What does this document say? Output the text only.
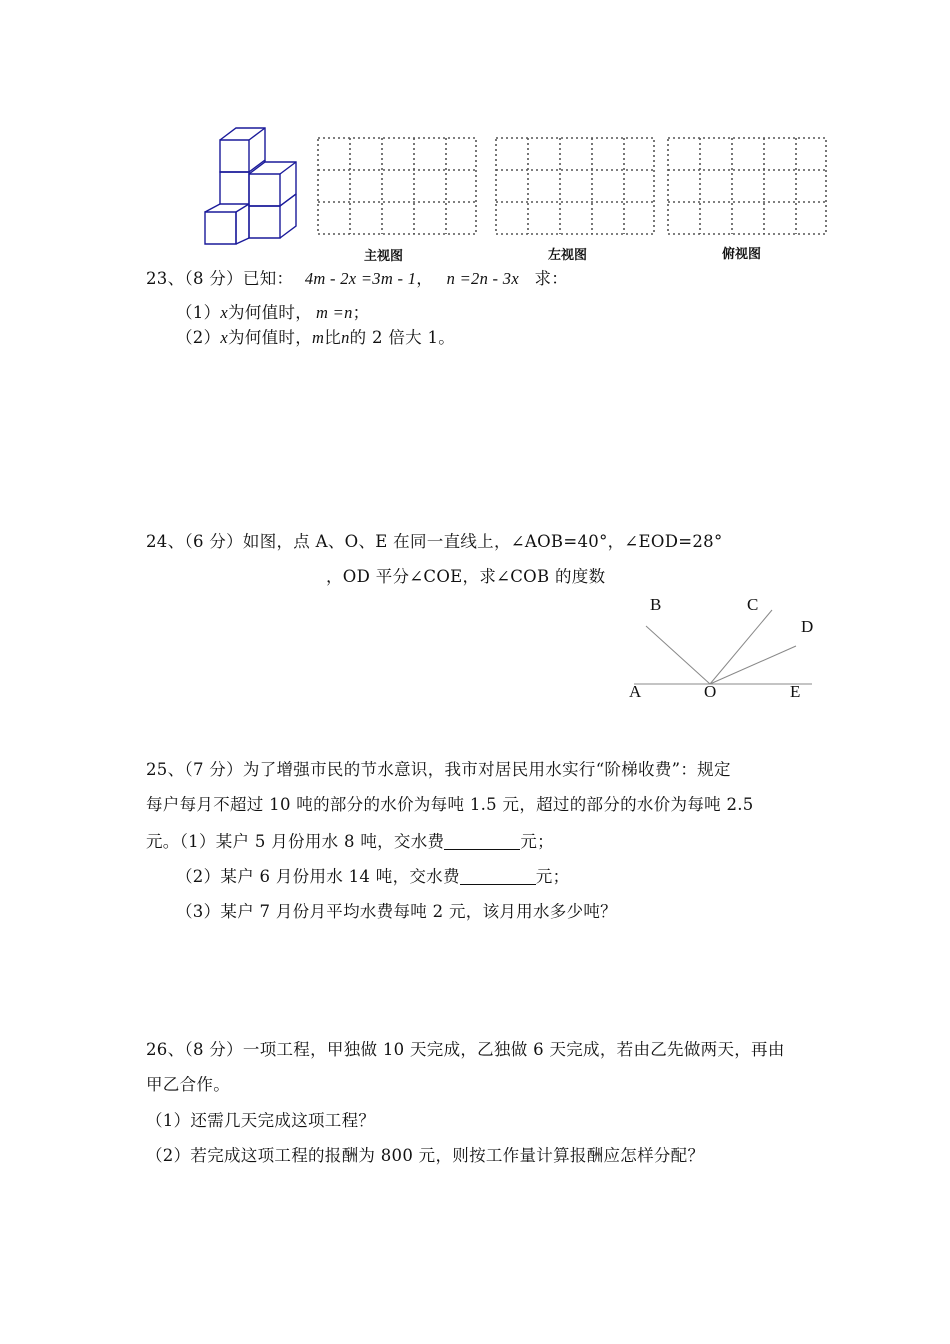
主视图	左视图	俯视图
23、（8 分）已知： 4m - 2x =3m - 1， n =2n - 3x 求：
（1）x为何值时， m =n；
（2）x为何值时，m比n的 2 倍大 1。
24、（6 分）如图，点 A、O、E 在同一直线上，∠AOB=40°，∠EOD=28°
，OD 平分∠COE，求∠COB 的度数
B	C
D
A	O	E
25、（7 分）为了增强市民的节水意识，我市对居民用水实行“阶梯收费”：规定
每户每月不超过 10 吨的部分的水价为每吨 1.5 元，超过的部分的水价为每吨 2.5
元。（1）某户 5 月份用水 8 吨，交水费	元；
（2）某户 6 月份用水 14 吨，交水费	元；
（3）某户 7 月份月平均水费每吨 2 元，该月用水多少吨？
26、（8 分）一项工程，甲独做 10 天完成，乙独做 6 天完成，若由乙先做两天，再由
甲乙合作。
（1）还需几天完成这项工程？
（2）若完成这项工程的报酬为 800 元，则按工作量计算报酬应怎样分配？
